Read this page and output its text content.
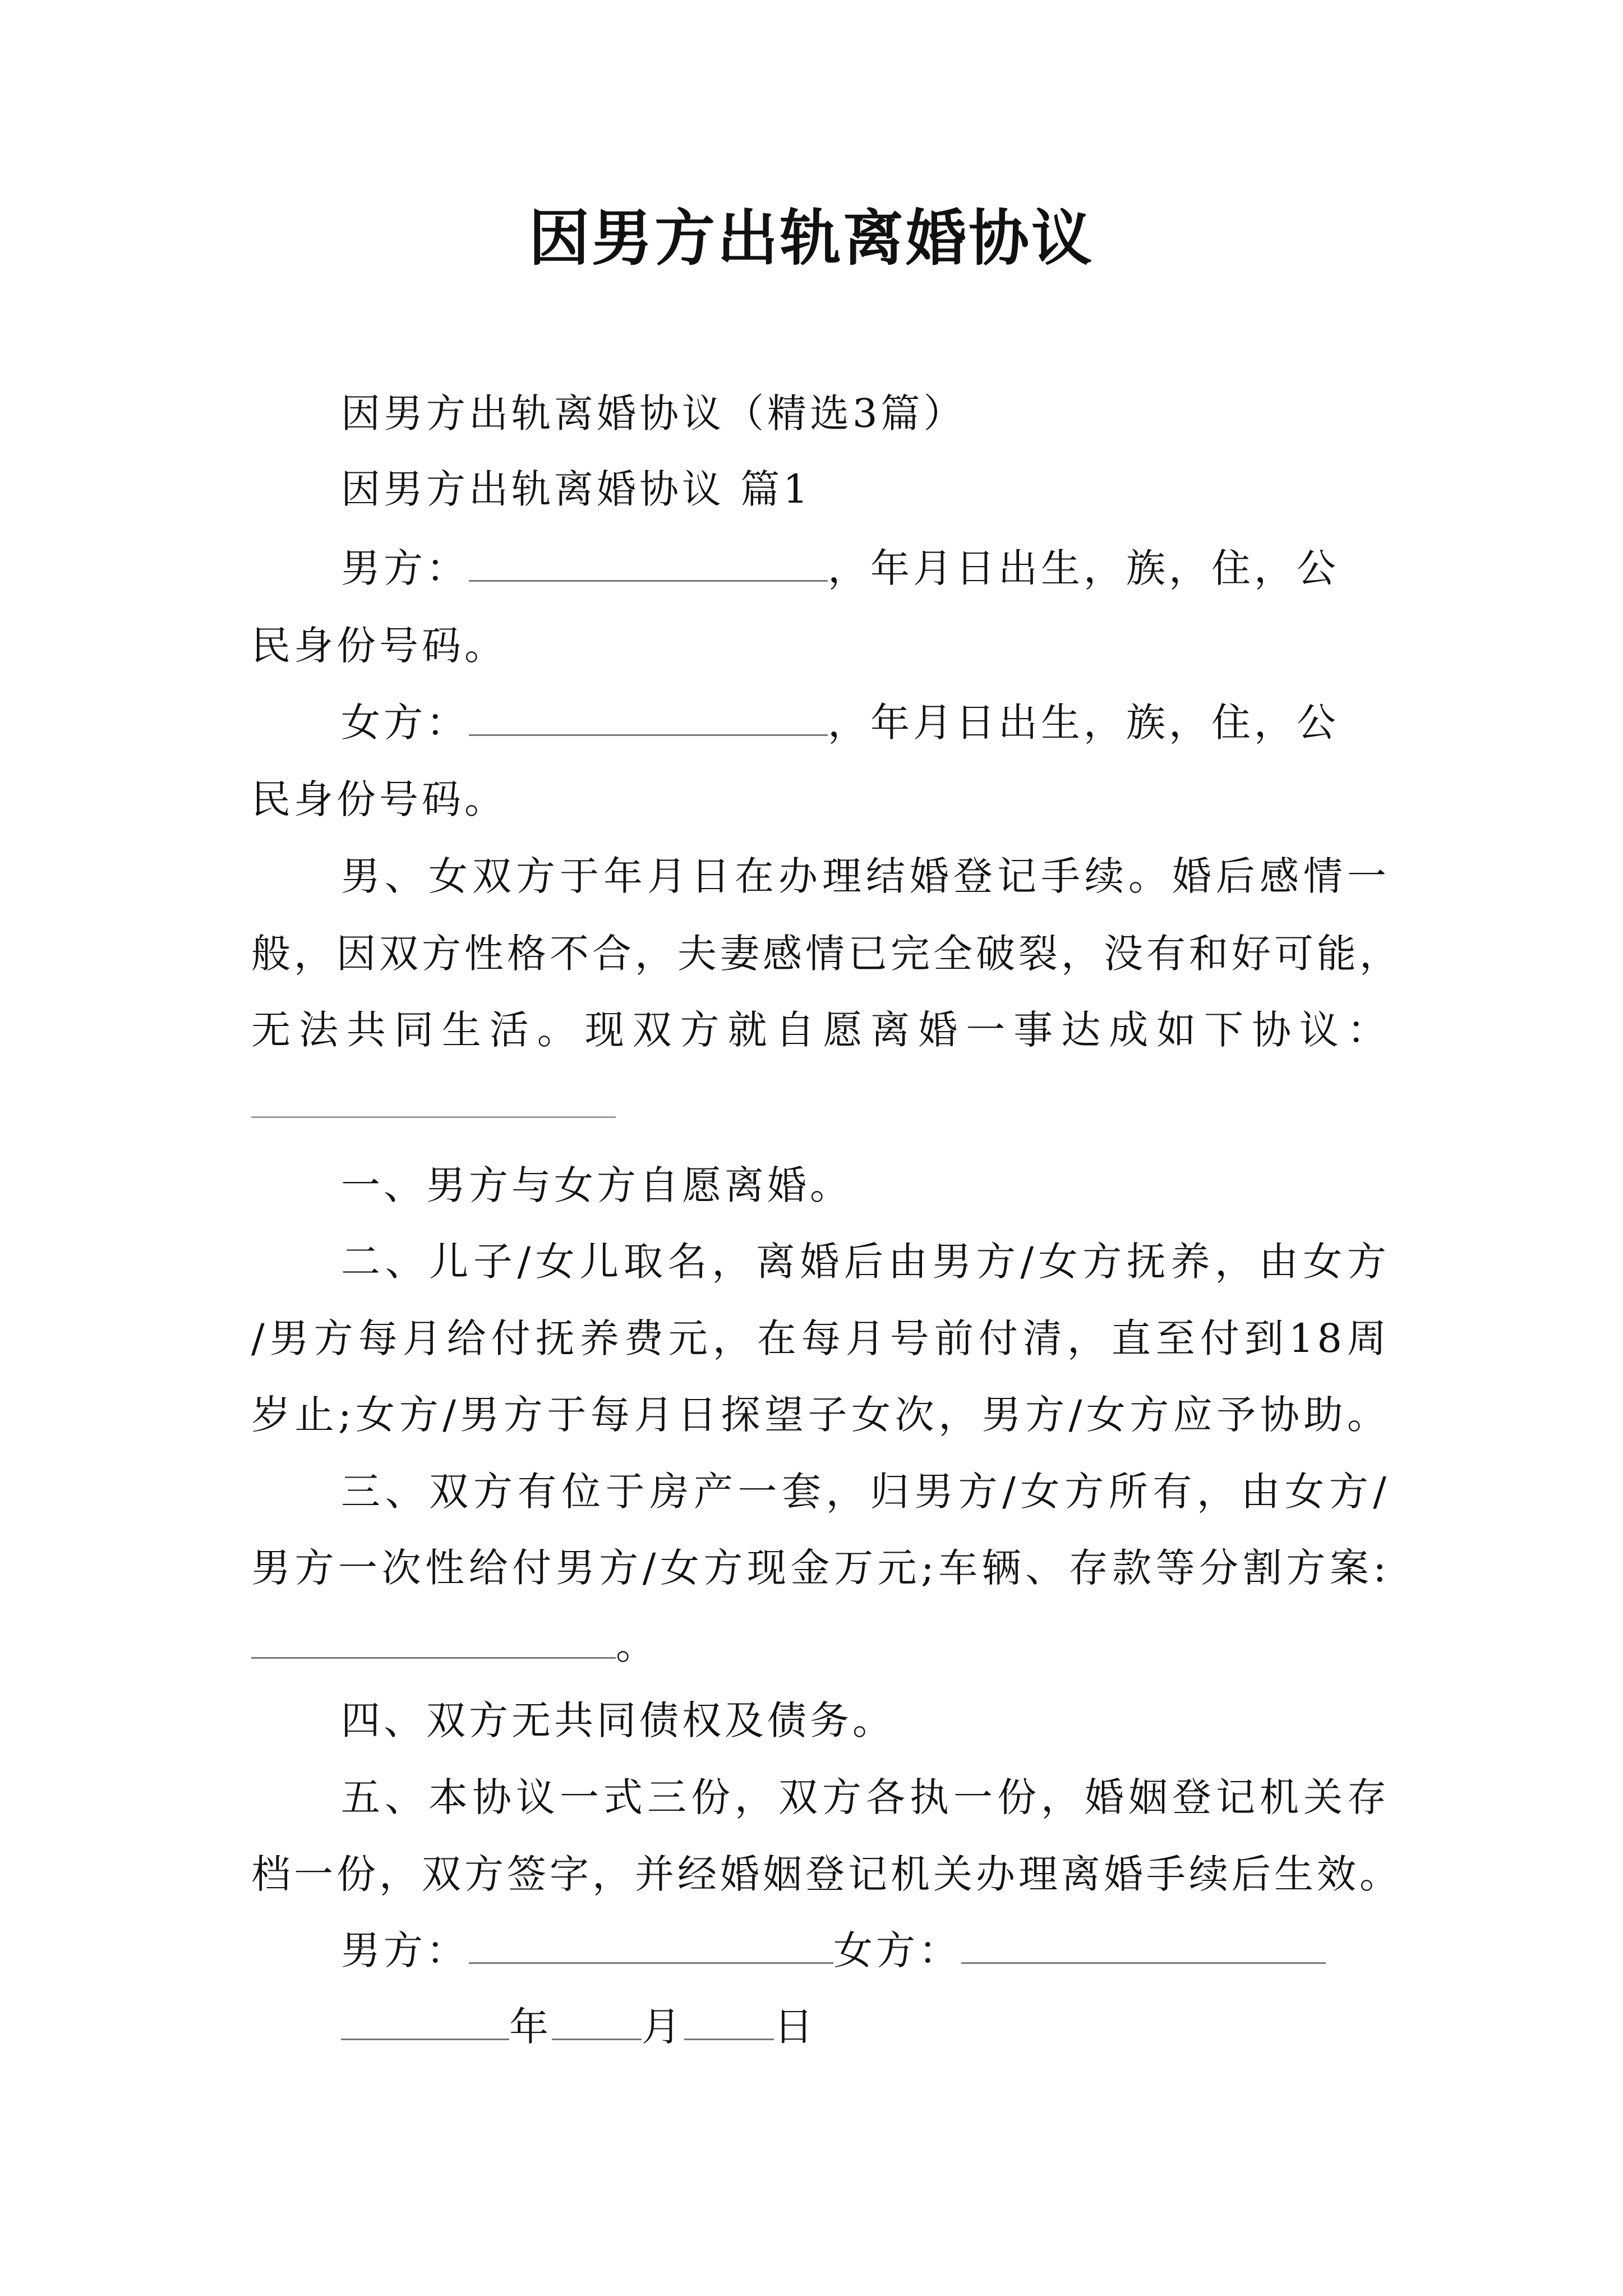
因男方出轨离婚协议
因男方出轨离婚协议（精选3篇）
因男方出轨离婚协议 篇1
男方：	，年月日出生，族，住，公
民身份号码。
女方：	，年月日出生，族，住，公
民身份号码。
男、女双方于年月日在办理结婚登记手续。婚后感情一
般，因双方性格不合，夫妻感情已完全破裂，没有和好可能，
无法共同生活。现双方就自愿离婚一事达成如下协议：
一、男方与女方自愿离婚。
二、儿子/女儿取名，离婚后由男方/女方抚养，由女方
/男方每月给付抚养费元，在每月号前付清，直至付到18周
岁止;女方/男方于每月日探望子女次，男方/女方应予协助。
三、双方有位于房产一套，归男方/女方所有，由女方/
男方一次性给付男方/女方现金万元;车辆、存款等分割方案:
。
四、双方无共同债权及债务。
五、本协议一式三份，双方各执一份，婚姻登记机关存
档一份，双方签字，并经婚姻登记机关办理离婚手续后生效。
男方：	女方：
年 月 日
